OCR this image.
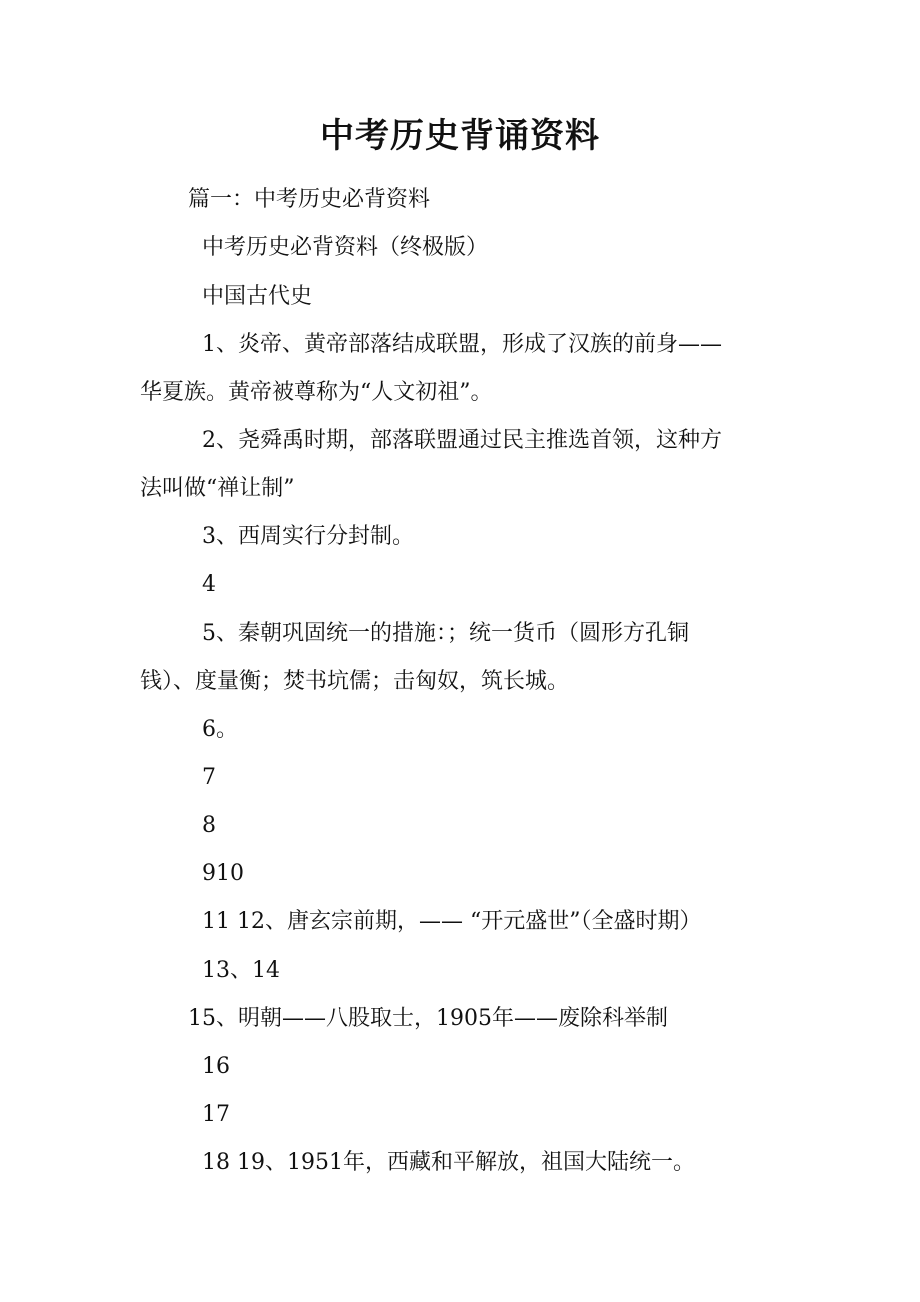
中考历史背诵资料
篇一：中考历史必背资料
中考历史必背资料（终极版）
中国古代史
1、炎帝、黄帝部落结成联盟，形成了汉族的前身——
华夏族。黄帝被尊称为“人文初祖”。
2、尧舜禹时期，部落联盟通过民主推选首领，这种方
法叫做“禅让制”
3、西周实行分封制。
4
5、秦朝巩固统一的措施：；统一货币（圆形方孔铜
钱）、度量衡；焚书坑儒；击匈奴，筑长城。
6。
7
8
910
11 12、唐玄宗前期，—— “开元盛世”（全盛时期）
13、14
15、明朝——八股取士，1905年——废除科举制
16
17
18 19、1951年，西藏和平解放，祖国大陆统一。
